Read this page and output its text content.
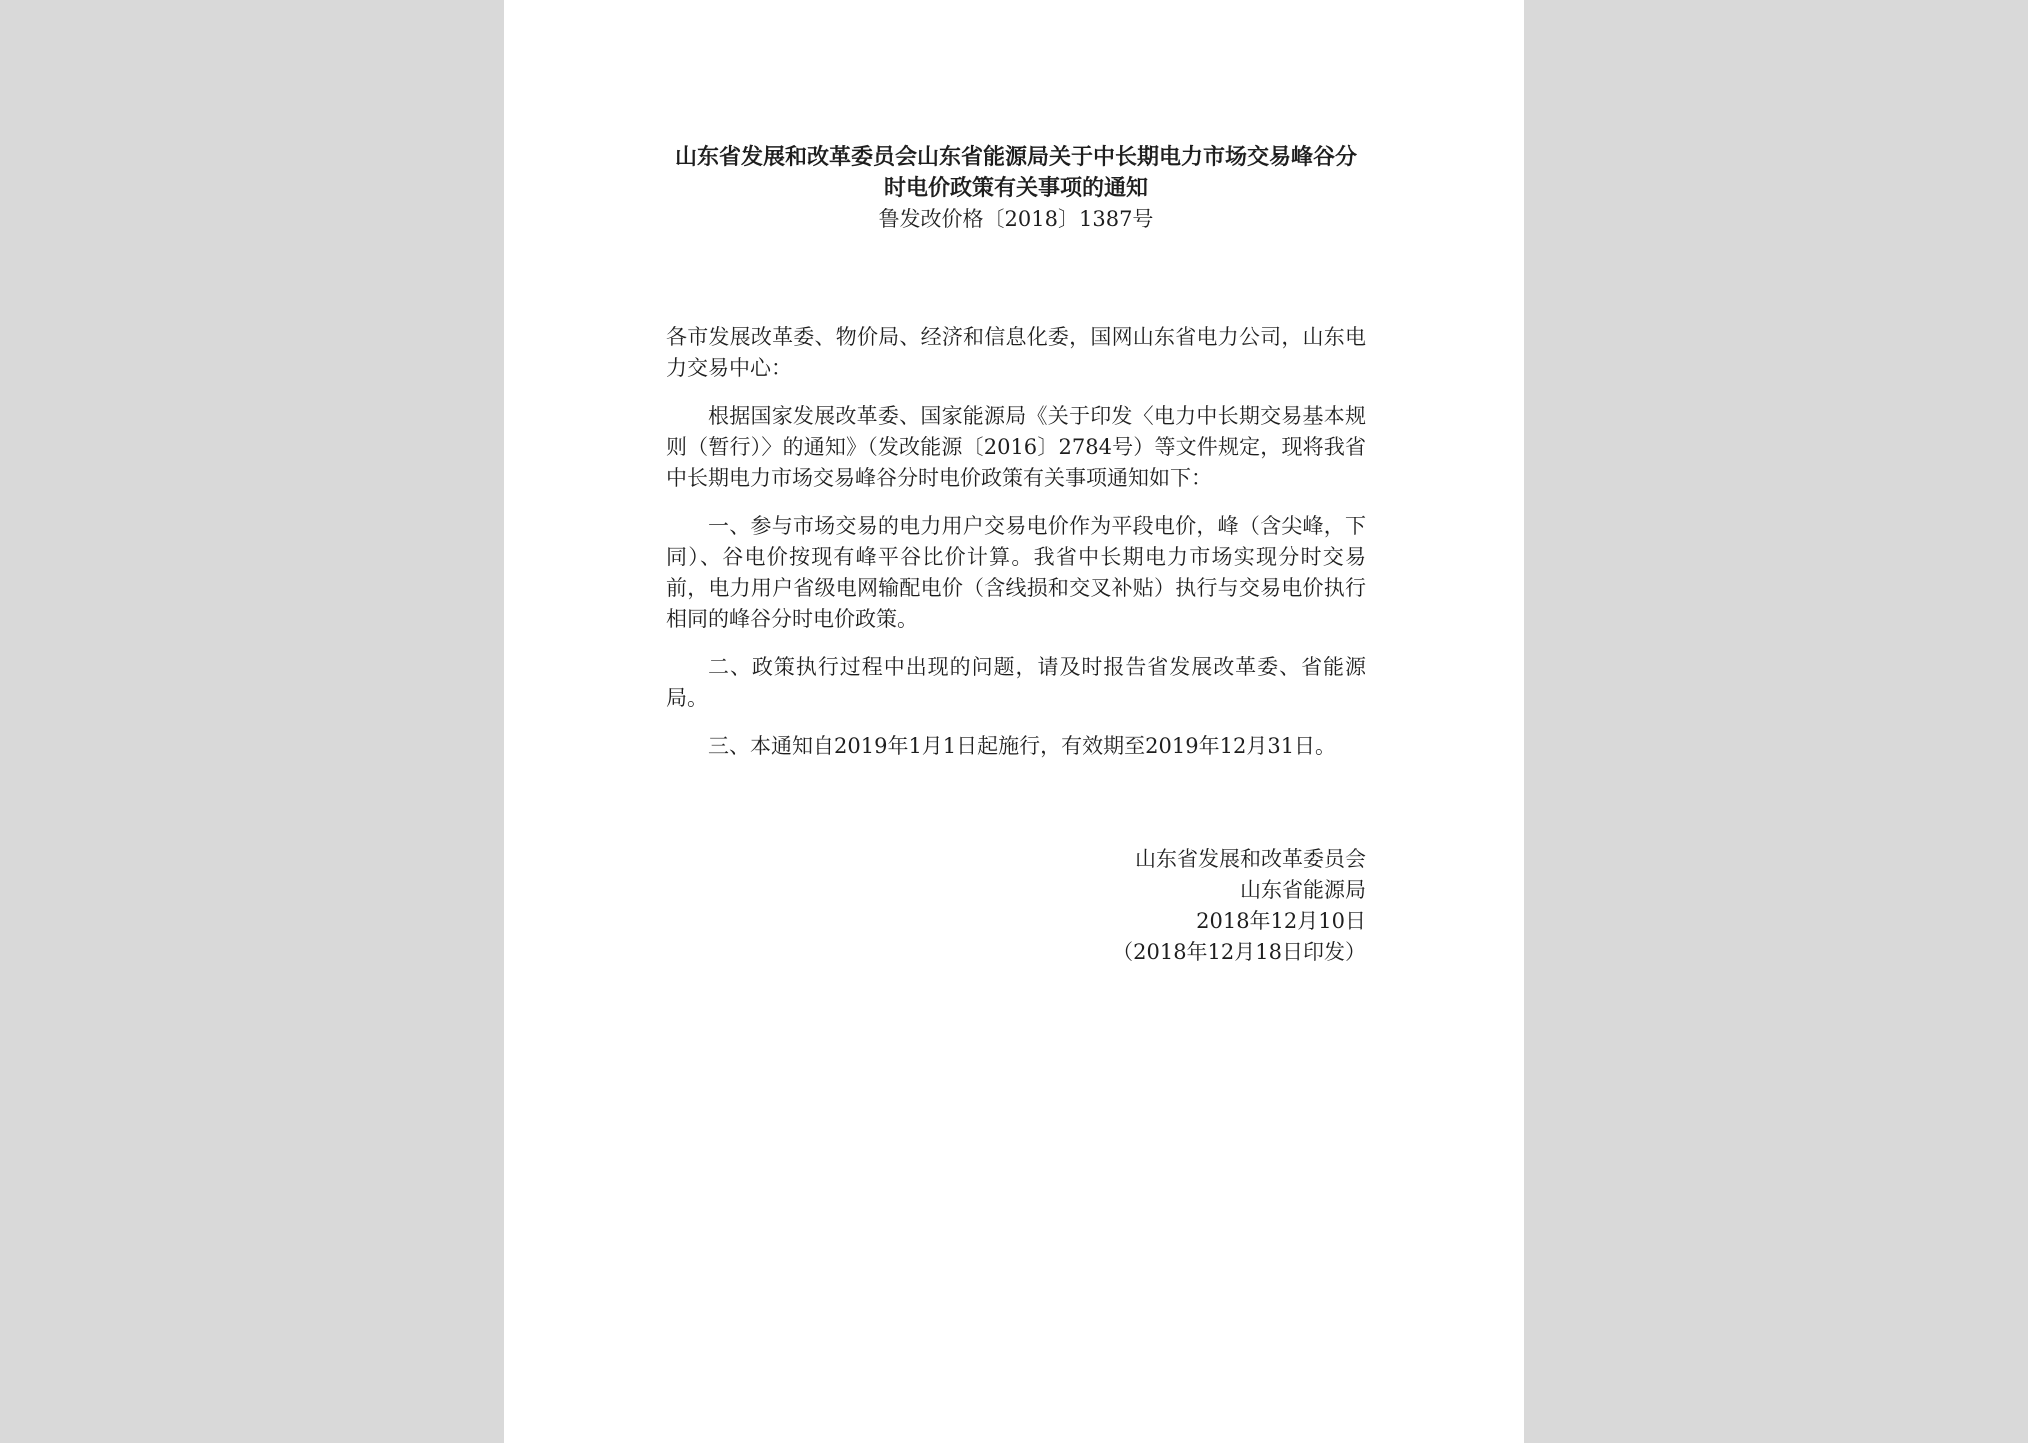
山东省发展和改革委员会山东省能源局关于中长期电力市场交易峰谷分时电价政策有关事项的通知

鲁发改价格〔2018〕1387号

各市发展改革委、物价局、经济和信息化委，国网山东省电力公司，山东电力交易中心：

根据国家发展改革委、国家能源局《关于印发〈电力中长期交易基本规则（暂行）〉的通知》（发改能源〔2016〕2784号）等文件规定，现将我省中长期电力市场交易峰谷分时电价政策有关事项通知如下：

一、参与市场交易的电力用户交易电价作为平段电价，峰（含尖峰，下同）、谷电价按现有峰平谷比价计算。我省中长期电力市场实现分时交易前，电力用户省级电网输配电价（含线损和交叉补贴）执行与交易电价执行相同的峰谷分时电价政策。

二、政策执行过程中出现的问题，请及时报告省发展改革委、省能源局。

三、本通知自2019年1月1日起施行，有效期至2019年12月31日。

山东省发展和改革委员会
山东省能源局
2018年12月10日
（2018年12月18日印发）
